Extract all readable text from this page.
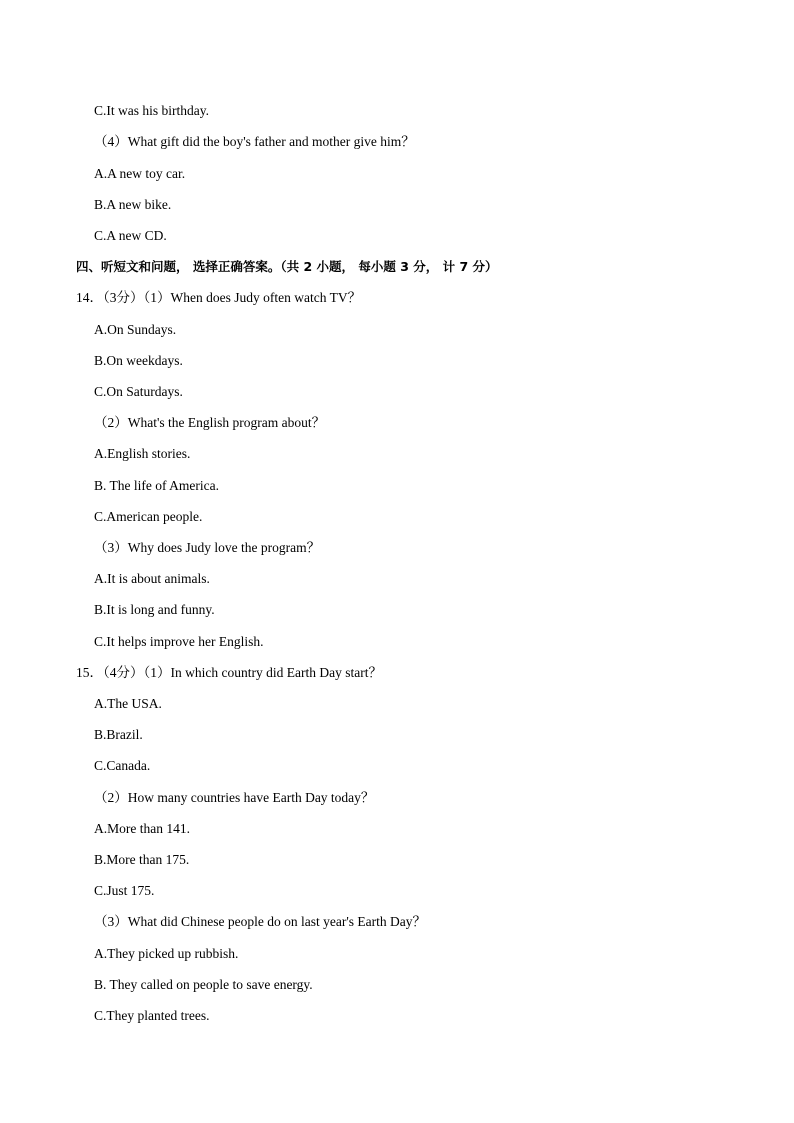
C.It was his birthday.
（4）What gift did the boy's father and mother give him？
A.A new toy car.
B.A new bike.
C.A new CD.
四、听短文和问题， 选择正确答案。（共 2 小题， 每小题 3 分， 计 7 分）
14．（3分）（1）When does Judy often watch TV？
A.On Sundays.
B.On weekdays.
C.On Saturdays.
（2）What's the English program about？
A.English stories.
B. The life of America.
C.American people.
（3）Why does Judy love the program？
A.It is about animals.
B.It is long and funny.
C.It helps improve her English.
15．（4分）（1）In which country did Earth Day start？
A.The USA.
B.Brazil.
C.Canada.
（2）How many countries have Earth Day today？
A.More than 141.
B.More than 175.
C.Just 175.
（3）What did Chinese people do on last year's Earth Day？
A.They picked up rubbish.
B. They called on people to save energy.
C.They planted trees.
